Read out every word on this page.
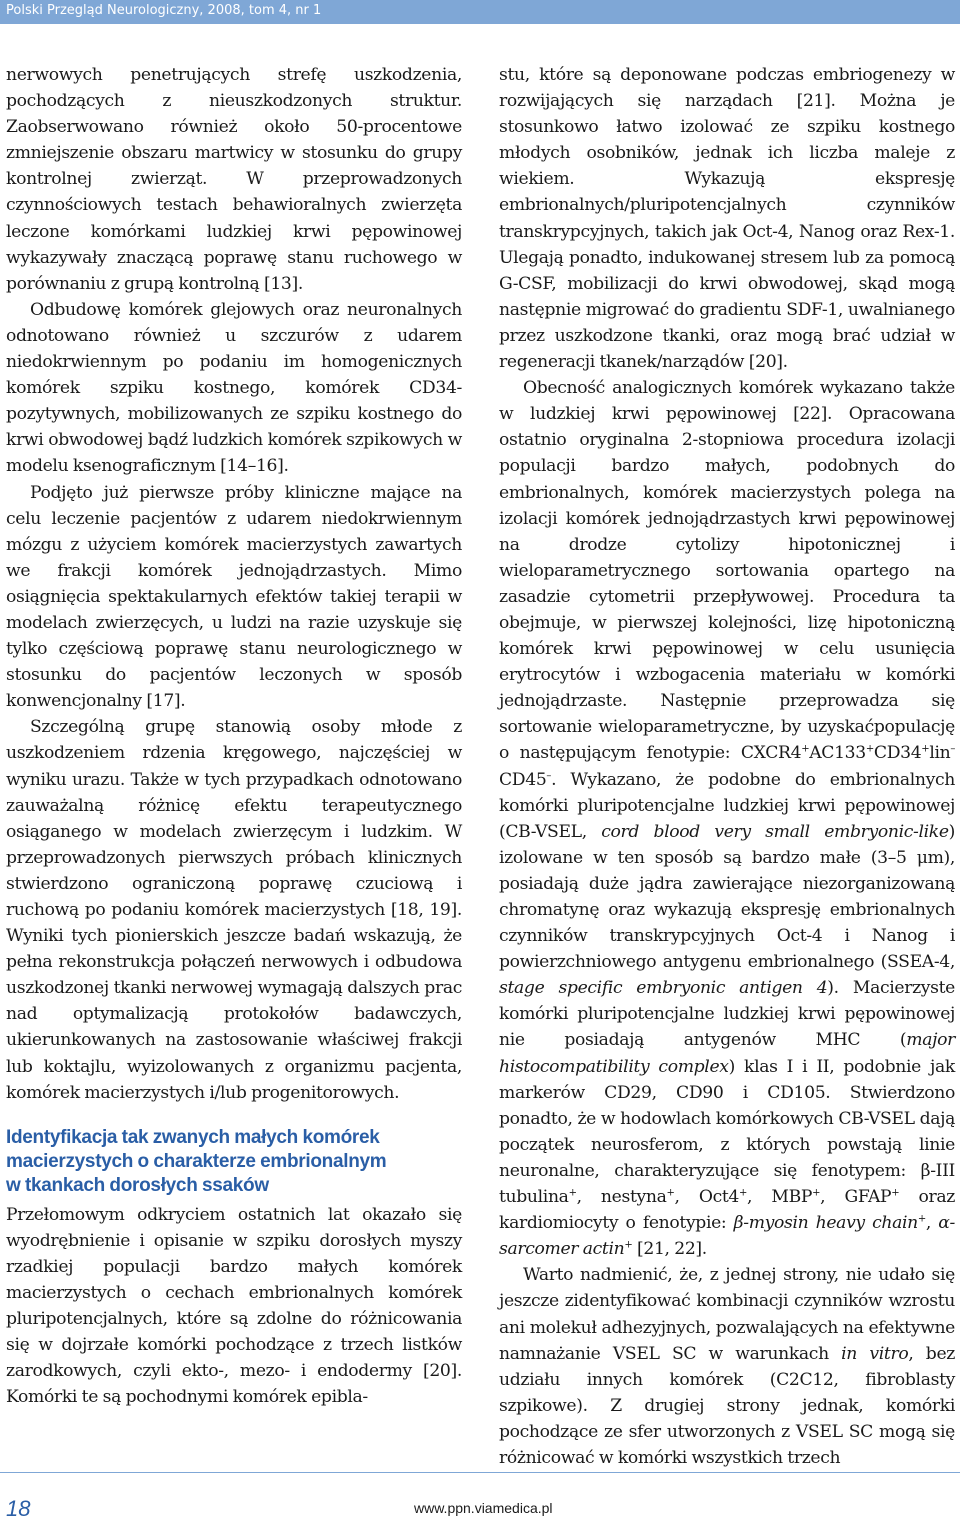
Polski Przegląd Neurologiczny, 2008, tom 4, nr 1

nerwowych penetrujących strefę uszkodzenia, pochodzących z nieuszkodzonych struktur. Zaobserwowano również około 50-procentowe zmniejszenie obszaru martwicy w stosunku do grupy kontrolnej zwierząt. W przeprowadzonych czynnościowych testach behawioralnych zwierzęta leczone komórkami ludzkiej krwi pępowinowej wykazywały znaczącą poprawę stanu ruchowego w porównaniu z grupą kontrolną [13].

Odbudowę komórek glejowych oraz neuronalnych odnotowano również u szczurów z udarem niedokrwiennym po podaniu im homogenicznych komórek szpiku kostnego, komórek CD34-pozytywnych, mobilizowanych ze szpiku kostnego do krwi obwodowej bądź ludzkich komórek szpikowych w modelu ksenograficznym [14–16].

Podjęto już pierwsze próby kliniczne mające na celu leczenie pacjentów z udarem niedokrwiennym mózgu z użyciem komórek macierzystych zawartych we frakcji komórek jednojądrzastych. Mimo osiągnięcia spektakularnych efektów takiej terapii w modelach zwierzęcych, u ludzi na razie uzyskuje się tylko częściową poprawę stanu neurologicznego w stosunku do pacjentów leczonych w sposób konwencjonalny [17].

Szczególną grupę stanowią osoby młode z uszkodzeniem rdzenia kręgowego, najczęściej w wyniku urazu. Także w tych przypadkach odnotowano zauważalną różnicę efektu terapeutycznego osiąganego w modelach zwierzęcym i ludzkim. W przeprowadzonych pierwszych próbach klinicznych stwierdzono ograniczoną poprawę czuciową i ruchową po podaniu komórek macierzystych [18, 19]. Wyniki tych pionierskich jeszcze badań wskazują, że pełna rekonstrukcja połączeń nerwowych i odbudowa uszkodzonej tkanki nerwowej wymagają dalszych prac nad optymalizacją protokołów badawczych, ukierunkowanych na zastosowanie właściwej frakcji lub koktajlu, wyizolowanych z organizmu pacjenta, komórek macierzystych i/lub progenitorowych.

Identyfikacja tak zwanych małych komórek
macierzystych o charakterze embrionalnym
w tkankach dorosłych ssaków

Przełomowym odkryciem ostatnich lat okazało się wyodrębnienie i opisanie w szpiku dorosłych myszy rzadkiej populacji bardzo małych komórek macierzystych o cechach embrionalnych komórek pluripotencjalnych, które są zdolne do różnicowania się w dojrzałe komórki pochodzące z trzech listków zarodkowych, czyli ekto-, mezo- i endodermy [20]. Komórki te są pochodnymi komórek epibla-

stu, które są deponowane podczas embriogenezy w rozwijających się narządach [21]. Można je stosunkowo łatwo izolować ze szpiku kostnego młodych osobników, jednak ich liczba maleje z wiekiem. Wykazują ekspresję embrionalnych/pluripotencjalnych czynników transkrypcyjnych, takich jak Oct-4, Nanog oraz Rex-1. Ulegają ponadto, indukowanej stresem lub za pomocą G-CSF, mobilizacji do krwi obwodowej, skąd mogą następnie migrować do gradientu SDF-1, uwalnianego przez uszkodzone tkanki, oraz mogą brać udział w regeneracji tkanek/narządów [20].

Obecność analogicznych komórek wykazano także w ludzkiej krwi pępowinowej [22]. Opracowana ostatnio oryginalna 2-stopniowa procedura izolacji populacji bardzo małych, podobnych do embrionalnych, komórek macierzystych polega na izolacji komórek jednojądrzastych krwi pępowinowej na drodze cytolizy hipotonicznej i wieloparametrycznego sortowania opartego na zasadzie cytometrii przepływowej. Procedura ta obejmuje, w pierwszej kolejności, lizę hipotoniczną komórek krwi pępowinowej w celu usunięcia erytrocytów i wzbogacenia materiału w komórki jednojądrzaste. Następnie przeprowadza się sortowanie wieloparametryczne, by uzyskaćpopulację o następującym fenotypie: CXCR4+AC133+CD34+lin–CD45–. Wykazano, że podobne do embrionalnych komórki pluripotencjalne ludzkiej krwi pępowinowej (CB-VSEL, cord blood very small embryonic-like) izolowane w ten sposób są bardzo małe (3–5 μm), posiadają duże jądra zawierające niezorganizowaną chromatynę oraz wykazują ekspresję embrionalnych czynników transkrypcyjnych Oct-4 i Nanog i powierzchniowego antygenu embrionalnego (SSEA-4, stage specific embryonic antigen 4). Macierzyste komórki pluripotencjalne ludzkiej krwi pępowinowej nie posiadają antygenów MHC (major histocompatibility complex) klas I i II, podobnie jak markerów CD29, CD90 i CD105. Stwierdzono ponadto, że w hodowlach komórkowych CB-VSEL dają początek neurosferom, z których powstają linie neuronalne, charakteryzujące się fenotypem: β-III tubulina+, nestyna+, Oct4+, MBP+, GFAP+ oraz kardiomiocyty o fenotypie: β-myosin heavy chain+, α-sarcomer actin+ [21, 22].

Warto nadmienić, że, z jednej strony, nie udało się jeszcze zidentyfikować kombinacji czynników wzrostu ani molekuł adhezyjnych, pozwalających na efektywne namnażanie VSEL SC w warunkach in vitro, bez udziału innych komórek (C2C12, fibroblasty szpikowe). Z drugiej strony jednak, komórki pochodzące ze sfer utworzonych z VSEL SC mogą się różnicować w komórki wszystkich trzech

18	www.ppn.viamedica.pl
